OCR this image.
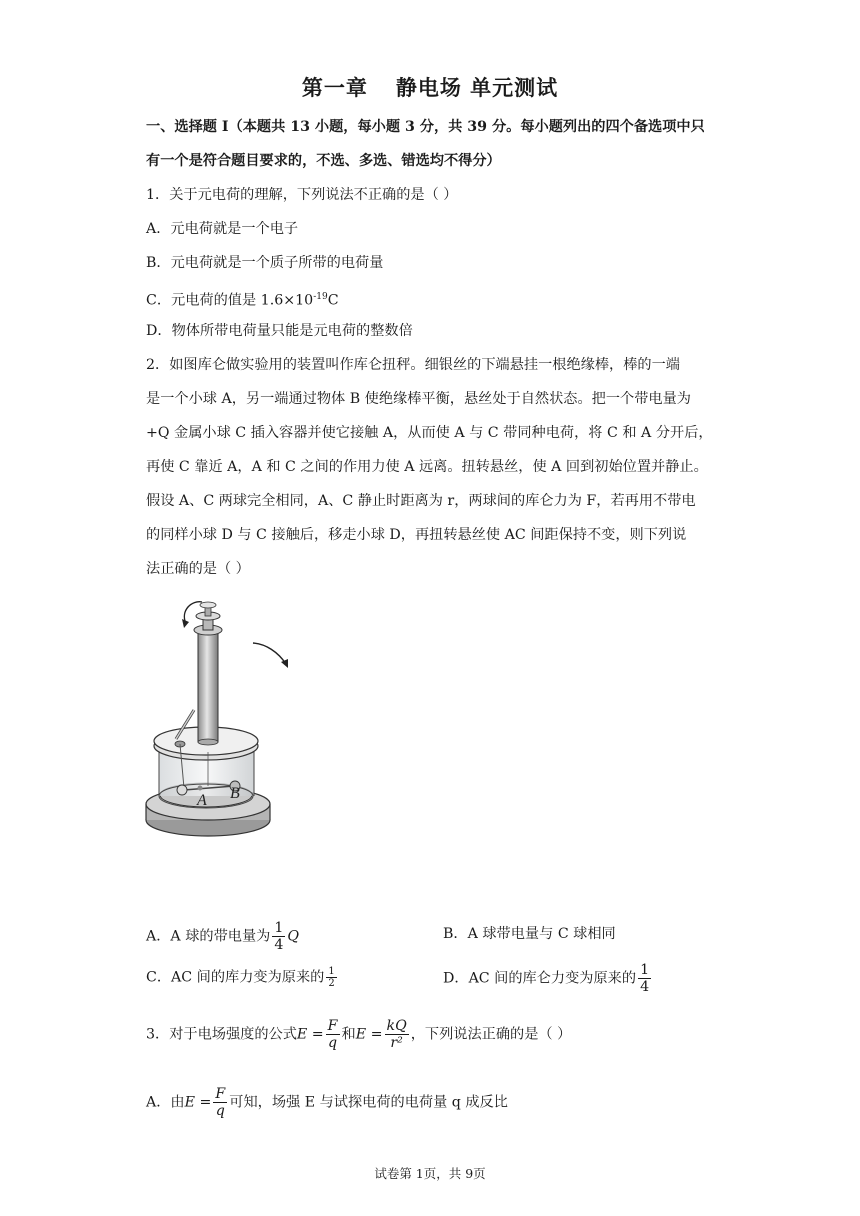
第一章 静电场 单元测试
一、选择题 I（本题共 13 小题，每小题 3 分，共 39 分。每小题列出的四个备选项中只
有一个是符合题目要求的，不选、多选、错选均不得分）
1．关于元电荷的理解，下列说法不正确的是（ ）
A．元电荷就是一个电子
B．元电荷就是一个质子所带的电荷量
C．元电荷的值是 $1.6\times 10^{-19}C$
D．物体所带电荷量只能是元电荷的整数倍
2．如图库仑做实验用的装置叫作库仑扭秤。细银丝的下端悬挂一根绝缘棒，棒的一端
是一个小球 A，另一端通过物体 B 使绝缘棒平衡，悬丝处于自然状态。把一个带电量为
+Q 金属小球 C 插入容器并使它接触 A，从而使 A 与 C 带同种电荷，将 C 和 A 分开后，
再使 C 靠近 A，A 和 C 之间的作用力使 A 远离。扭转悬丝，使 A 回到初始位置并静止。
假设 A、C 两球完全相同，A、C 静止时距离为 r，两球间的库仑力为 F，若再用不带电
的同样小球 D 与 C 接触后，移走小球 D，再扭转悬丝使 AC 间距保持不变，则下列说
法正确的是（ ）
A B
A．A 球的带电量为 $\frac{1}{4}$ Q	B．A 球带电量与 C 球相同
C．AC 间的库力变为原来的 $\frac{1}{2}$	D．AC 间的库仑力变为原来的 $\frac{1}{4}$
3．对于电场强度的公式$E = \frac{F}{q}$ 和$E = \frac{kQ}{\text{r²}}$ ，下列说法正确的是（ ）
A．由$E = \frac{F}{q}$ 可知，场强 E 与试探电荷的电荷量 q 成反比
试卷第 1页，共 9页
